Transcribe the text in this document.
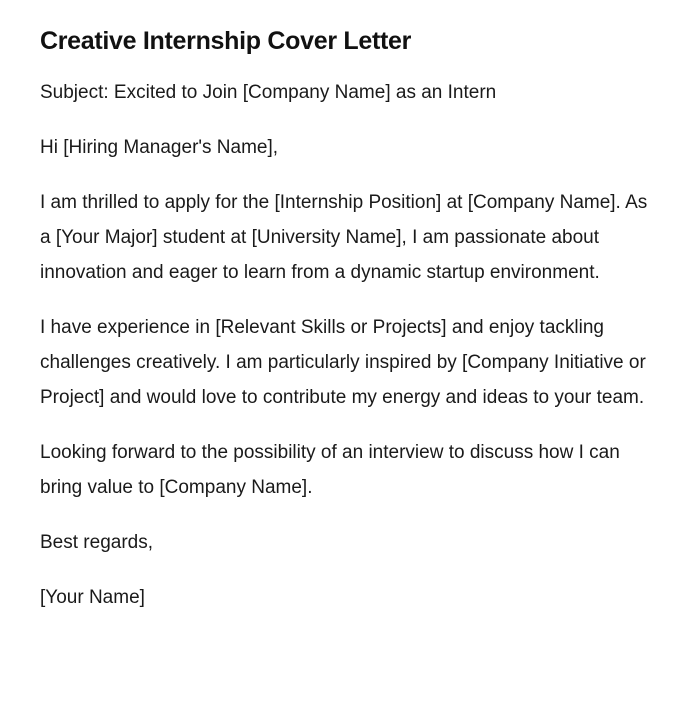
Creative Internship Cover Letter

Subject: Excited to Join [Company Name] as an Intern

Hi [Hiring Manager's Name],

I am thrilled to apply for the [Internship Position] at [Company Name]. As a [Your Major] student at [University Name], I am passionate about innovation and eager to learn from a dynamic startup environment.

I have experience in [Relevant Skills or Projects] and enjoy tackling challenges creatively. I am particularly inspired by [Company Initiative or Project] and would love to contribute my energy and ideas to your team.

Looking forward to the possibility of an interview to discuss how I can bring value to [Company Name].

Best regards,

[Your Name]
